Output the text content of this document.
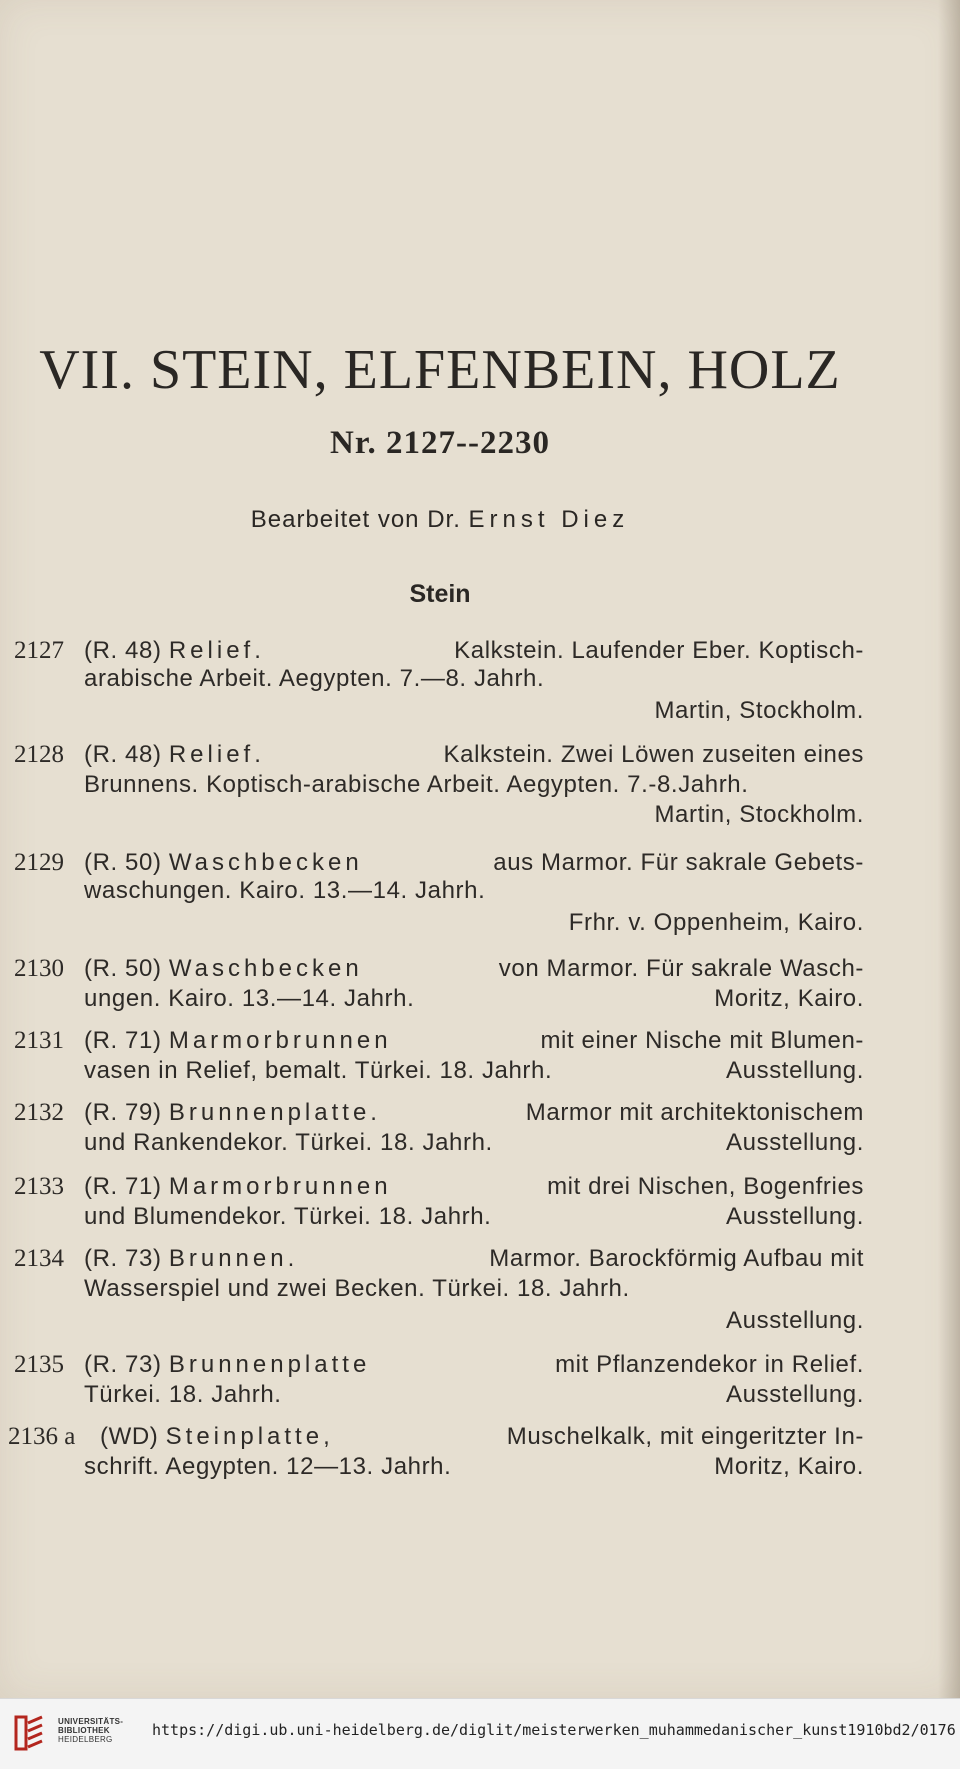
VII. STEIN, ELFENBEIN, HOLZ
Nr. 2127--2230
Bearbeitet von Dr. Ernst Diez
Stein
2127 (R. 48) Relief.	Kalkstein. Laufender Eber. Koptisch-
arabische Arbeit. Aegypten. 7.—8. Jahrh.
Martin, Stockholm.
2128 (R. 48) Relief.	Kalkstein. Zwei Löwen zuseiten eines
Brunnens. Koptisch-arabische Arbeit. Aegypten. 7.-8.Jahrh.
Martin, Stockholm.
2129 (R. 50) Waschbecken	aus Marmor. Für sakrale Gebets-
waschungen. Kairo. 13.—14. Jahrh.
Frhr. v. Oppenheim, Kairo.
2130 (R. 50) Waschbecken	von Marmor. Für sakrale Wasch-
ungen. Kairo. 13.—14. Jahrh.	Moritz, Kairo.
2131 (R. 71) Marmorbrunnen	mit einer Nische mit Blumen-
vasen in Relief, bemalt. Türkei. 18. Jahrh.	Ausstellung.
2132 (R. 79) Brunnenplatte.	Marmor mit architektonischem
und Rankendekor. Türkei. 18. Jahrh.	Ausstellung.
2133 (R. 71) Marmorbrunnen	mit drei Nischen, Bogenfries
und Blumendekor. Türkei. 18. Jahrh.	Ausstellung.
2134 (R. 73) Brunnen.	Marmor. Barockförmig Aufbau mit
Wasserspiel und zwei Becken. Türkei. 18. Jahrh.
Ausstellung.
2135 (R. 73) Brunnenplatte	mit Pflanzendekor in Relief.
Türkei. 18. Jahrh.	Ausstellung.
2136 a (WD) Steinplatte,	Muschelkalk, mit eingeritzter In-
schrift. Aegypten. 12—13. Jahrh.	Moritz, Kairo.
UNIVERSITÄTS-
BIBLIOTHEK
HEIDELBERG
https://digi.ub.uni-heidelberg.de/diglit/meisterwerken_muhammedanischer_kunst1910bd2/0176
